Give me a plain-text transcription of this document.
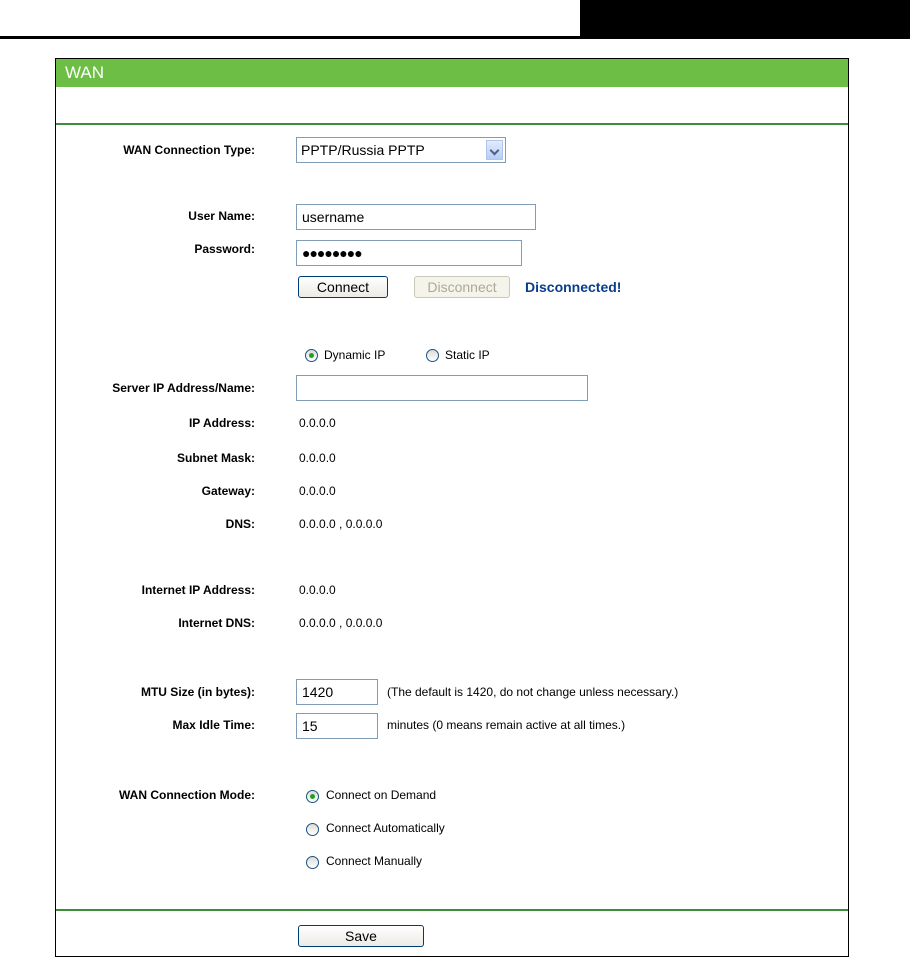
WAN
WAN Connection Type:	PPTP/Russia PPTP
User Name:	username
Password:	●●●●●●●●
Connect	Disconnect	Disconnected!
Dynamic IP	Static IP
Server IP Address/Name:
IP Address:	0.0.0.0
Subnet Mask:	0.0.0.0
Gateway:	0.0.0.0
DNS:	0.0.0.0 , 0.0.0.0
Internet IP Address:	0.0.0.0
Internet DNS:	0.0.0.0 , 0.0.0.0
MTU Size (in bytes):	1420	(The default is 1420, do not change unless necessary.)
Max Idle Time:	15	minutes (0 means remain active at all times.)
WAN Connection Mode:	Connect on Demand
Connect Automatically
Connect Manually
Save
